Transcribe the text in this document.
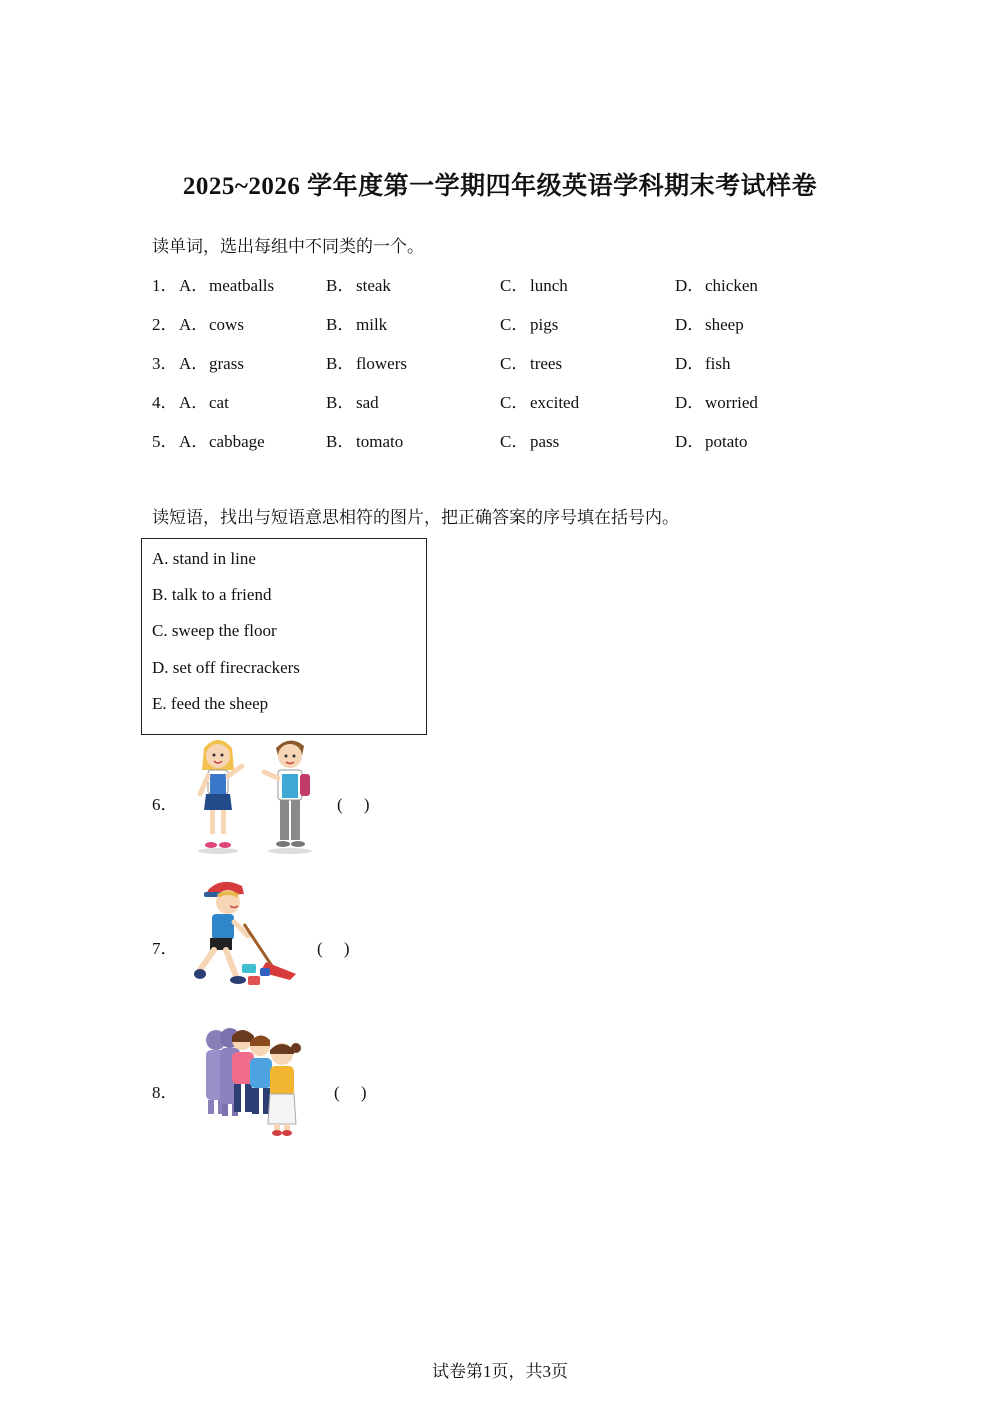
2025~2026 学年度第一学期四年级英语学科期末考试样卷
读单词，选出每组中不同类的一个。
1． A．meatballs	B．steak	C．lunch	D．chicken
2． A．cows	B．milk	C．pigs	D．sheep
3． A．grass	B．flowers	C．trees	D．fish
4． A．cat	B．sad	C．excited	D．worried
5． A．cabbage	B．tomato	C．pass	D．potato
读短语，找出与短语意思相符的图片，把正确答案的序号填在括号内。
A. stand in line
B. talk to a friend
C. sweep the floor
D. set off firecrackers
E. feed the sheep
6．	(　 )
7．	(　 )
8．	(　 )
试卷第1页，共3页
